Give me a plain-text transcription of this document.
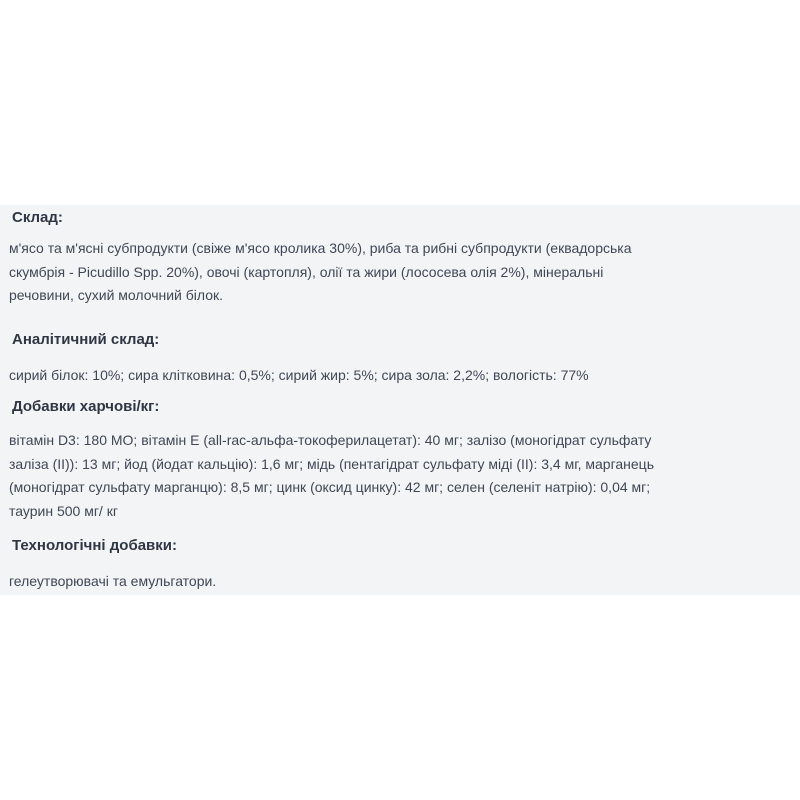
Склад:
м'ясо та м'ясні субпродукти (свіже м'ясо кролика 30%), риба та рибні субпродукти (еквадорська
скумбрія - Picudillo Spp. 20%), овочі (картопля), олії та жири (лососева олія 2%), мінеральні
речовини, сухий молочний білок.
Аналітичний склад:
сирий білок: 10%; сира клітковина: 0,5%; сирий жир: 5%; сира зола: 2,2%; вологість: 77%
Добавки харчові/кг:
вітамін D3: 180 МО; вітамін Е (all-rac-альфа-токоферилацетат): 40 мг; залізо (моногідрат сульфату
заліза (II)): 13 мг; йод (йодат кальцію): 1,6 мг; мідь (пентагідрат сульфату міді (II): 3,4 мг, марганець
(моногідрат сульфату марганцю): 8,5 мг; цинк (оксид цинку): 42 мг; селен (селеніт натрію): 0,04 мг;
таурин 500 мг/ кг
Технологічні добавки:
гелеутворювачі та емульгатори.
